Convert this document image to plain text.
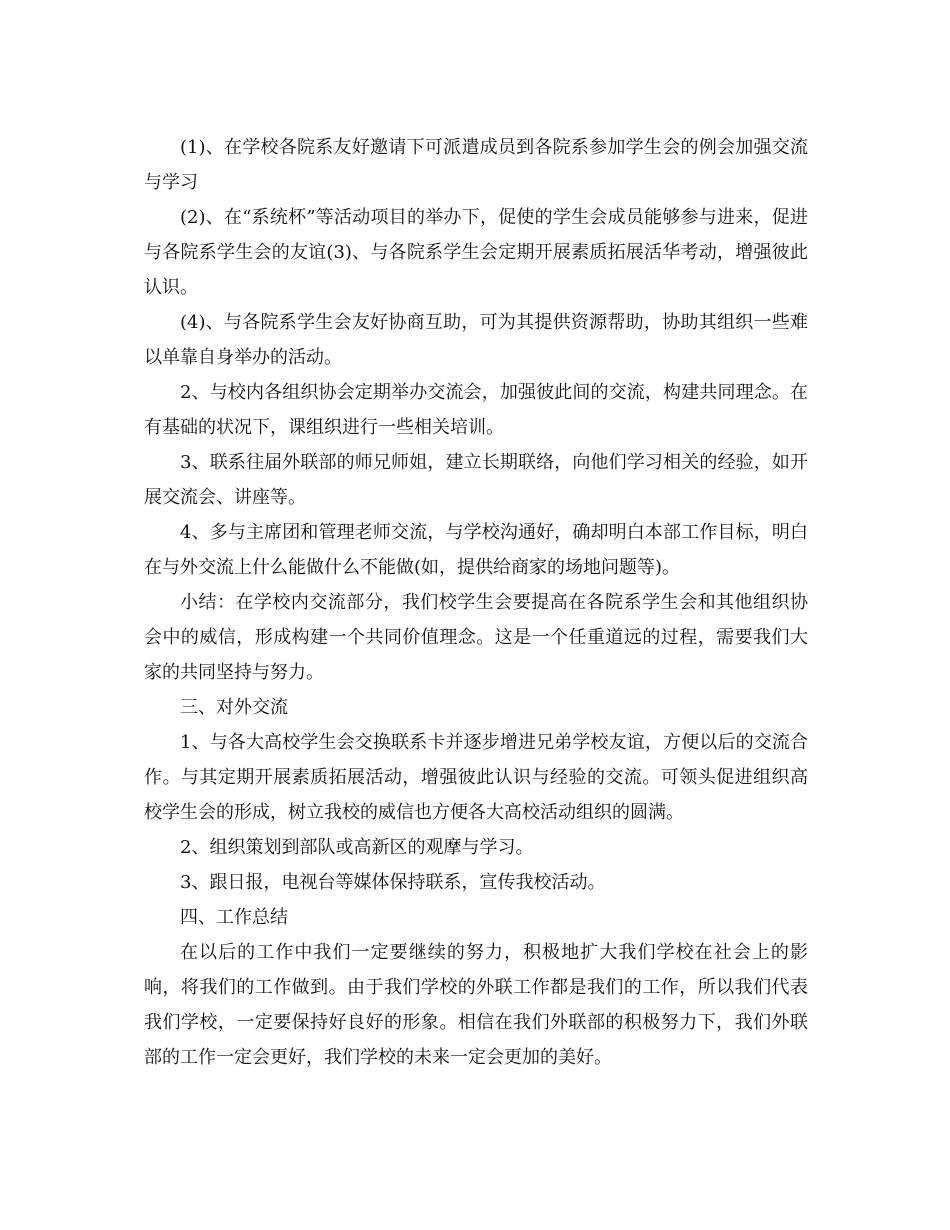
(1)、在学校各院系友好邀请下可派遣成员到各院系参加学生会的例会加强交流与学习

(2)、在“系统杯”等活动项目的举办下，促使的学生会成员能够参与进来，促进与各院系学生会的友谊(3)、与各院系学生会定期开展素质拓展活华考动，增强彼此认识。

(4)、与各院系学生会友好协商互助，可为其提供资源帮助，协助其组织一些难以单靠自身举办的活动。

2、与校内各组织协会定期举办交流会，加强彼此间的交流，构建共同理念。在有基础的状况下，课组织进行一些相关培训。

3、联系往届外联部的师兄师姐，建立长期联络，向他们学习相关的经验，如开展交流会、讲座等。

4、多与主席团和管理老师交流，与学校沟通好，确却明白本部工作目标，明白在与外交流上什么能做什么不能做(如，提供给商家的场地问题等)。

小结：在学校内交流部分，我们校学生会要提高在各院系学生会和其他组织协会中的威信，形成构建一个共同价值理念。这是一个任重道远的过程，需要我们大家的共同坚持与努力。

三、对外交流

1、与各大高校学生会交换联系卡并逐步增进兄弟学校友谊，方便以后的交流合作。与其定期开展素质拓展活动，增强彼此认识与经验的交流。可领头促进组织高校学生会的形成，树立我校的威信也方便各大高校活动组织的圆满。

2、组织策划到部队或高新区的观摩与学习。

3、跟日报，电视台等媒体保持联系，宣传我校活动。

四、工作总结

在以后的工作中我们一定要继续的努力，积极地扩大我们学校在社会上的影响，将我们的工作做到。由于我们学校的外联工作都是我们的工作，所以我们代表我们学校，一定要保持好良好的形象。相信在我们外联部的积极努力下，我们外联部的工作一定会更好，我们学校的未来一定会更加的美好。
